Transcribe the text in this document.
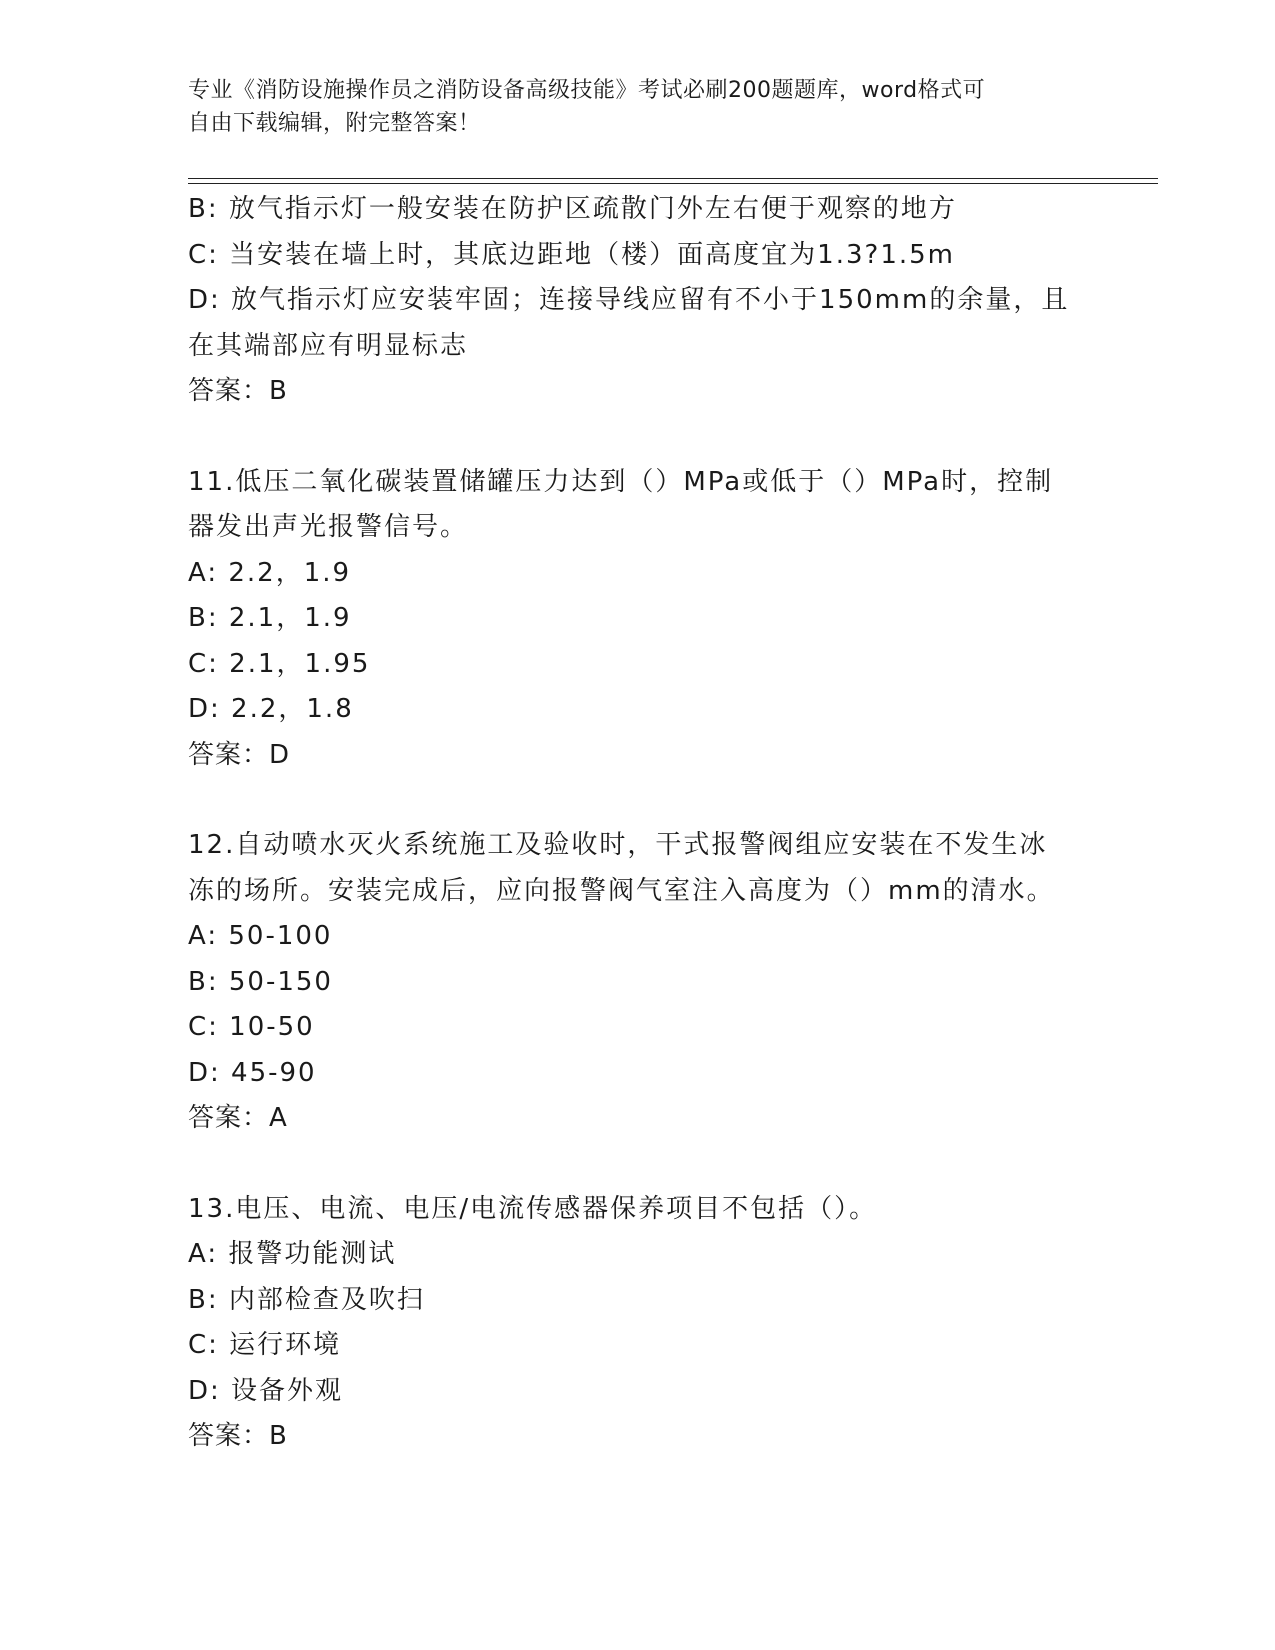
专业《消防设施操作员之消防设备高级技能》考试必刷200题题库，word格式可
自由下载编辑，附完整答案！
B: 放气指示灯一般安装在防护区疏散门外左右便于观察的地方
C: 当安装在墙上时，其底边距地（楼）面高度宜为1.3?1.5m
D: 放气指示灯应安装牢固；连接导线应留有不小于150mm的余量，且
在其端部应有明显标志
答案：B
11.低压二氧化碳装置储罐压力达到（）MPa或低于（）MPa时，控制
器发出声光报警信号。
A: 2.2，1.9
B: 2.1，1.9
C: 2.1，1.95
D: 2.2，1.8
答案：D
12.自动喷水灭火系统施工及验收时，干式报警阀组应安装在不发生冰
冻的场所。安装完成后，应向报警阀气室注入高度为（）mm的清水。
A: 50-100
B: 50-150
C: 10-50
D: 45-90
答案：A
13.电压、电流、电压/电流传感器保养项目不包括（）。
A: 报警功能测试
B: 内部检查及吹扫
C: 运行环境
D: 设备外观
答案：B
